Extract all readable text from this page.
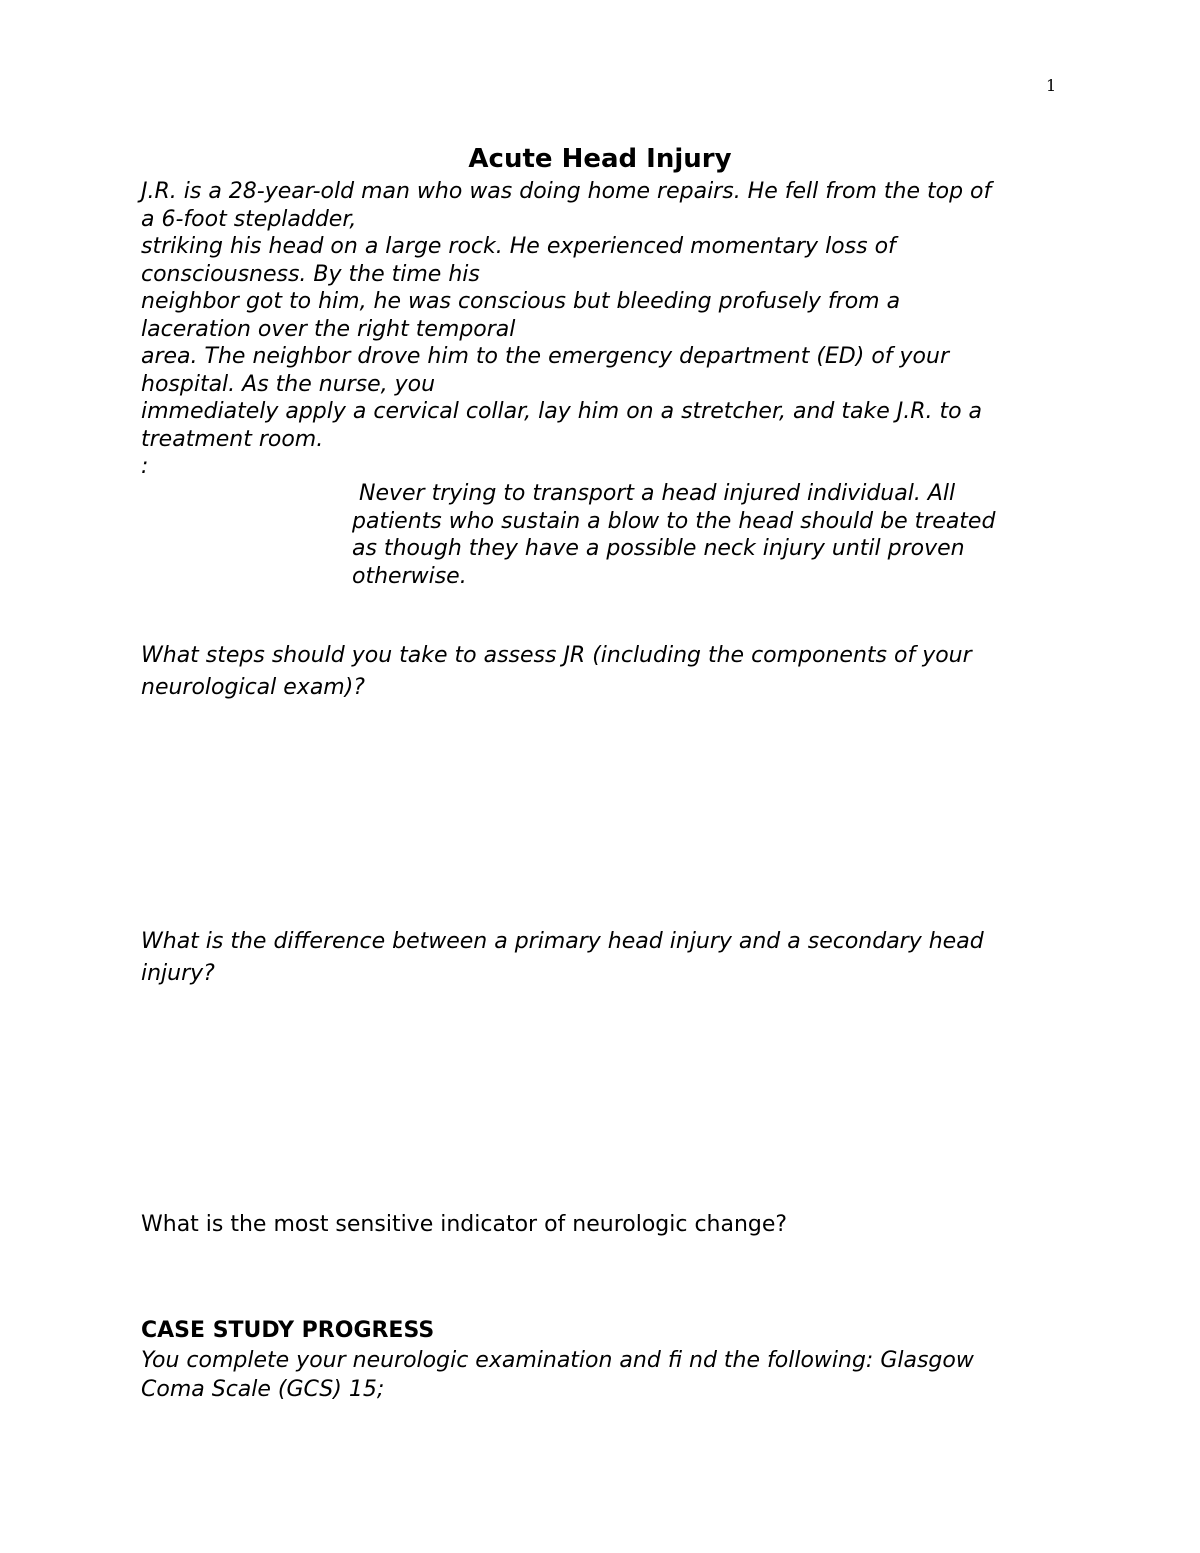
1
Acute Head Injury
J.R. is a 28-year-old man who was doing home repairs. He fell from the top of
a 6-foot stepladder,
striking his head on a large rock. He experienced momentary loss of
consciousness. By the time his
neighbor got to him, he was conscious but bleeding profusely from a
laceration over the right temporal
area. The neighbor drove him to the emergency department (ED) of your
hospital. As the nurse, you
immediately apply a cervical collar, lay him on a stretcher, and take J.R. to a
treatment room.
:
Never trying to transport a head injured individual. All
patients who sustain a blow to the head should be treated
as though they have a possible neck injury until proven
otherwise.
What steps should you take to assess JR (including the components of your
neurological exam)?
What is the difference between a primary head injury and a secondary head
injury?
What is the most sensitive indicator of neurologic change?
CASE STUDY PROGRESS
You complete your neurologic examination and fi nd the following: Glasgow
Coma Scale (GCS) 15;
